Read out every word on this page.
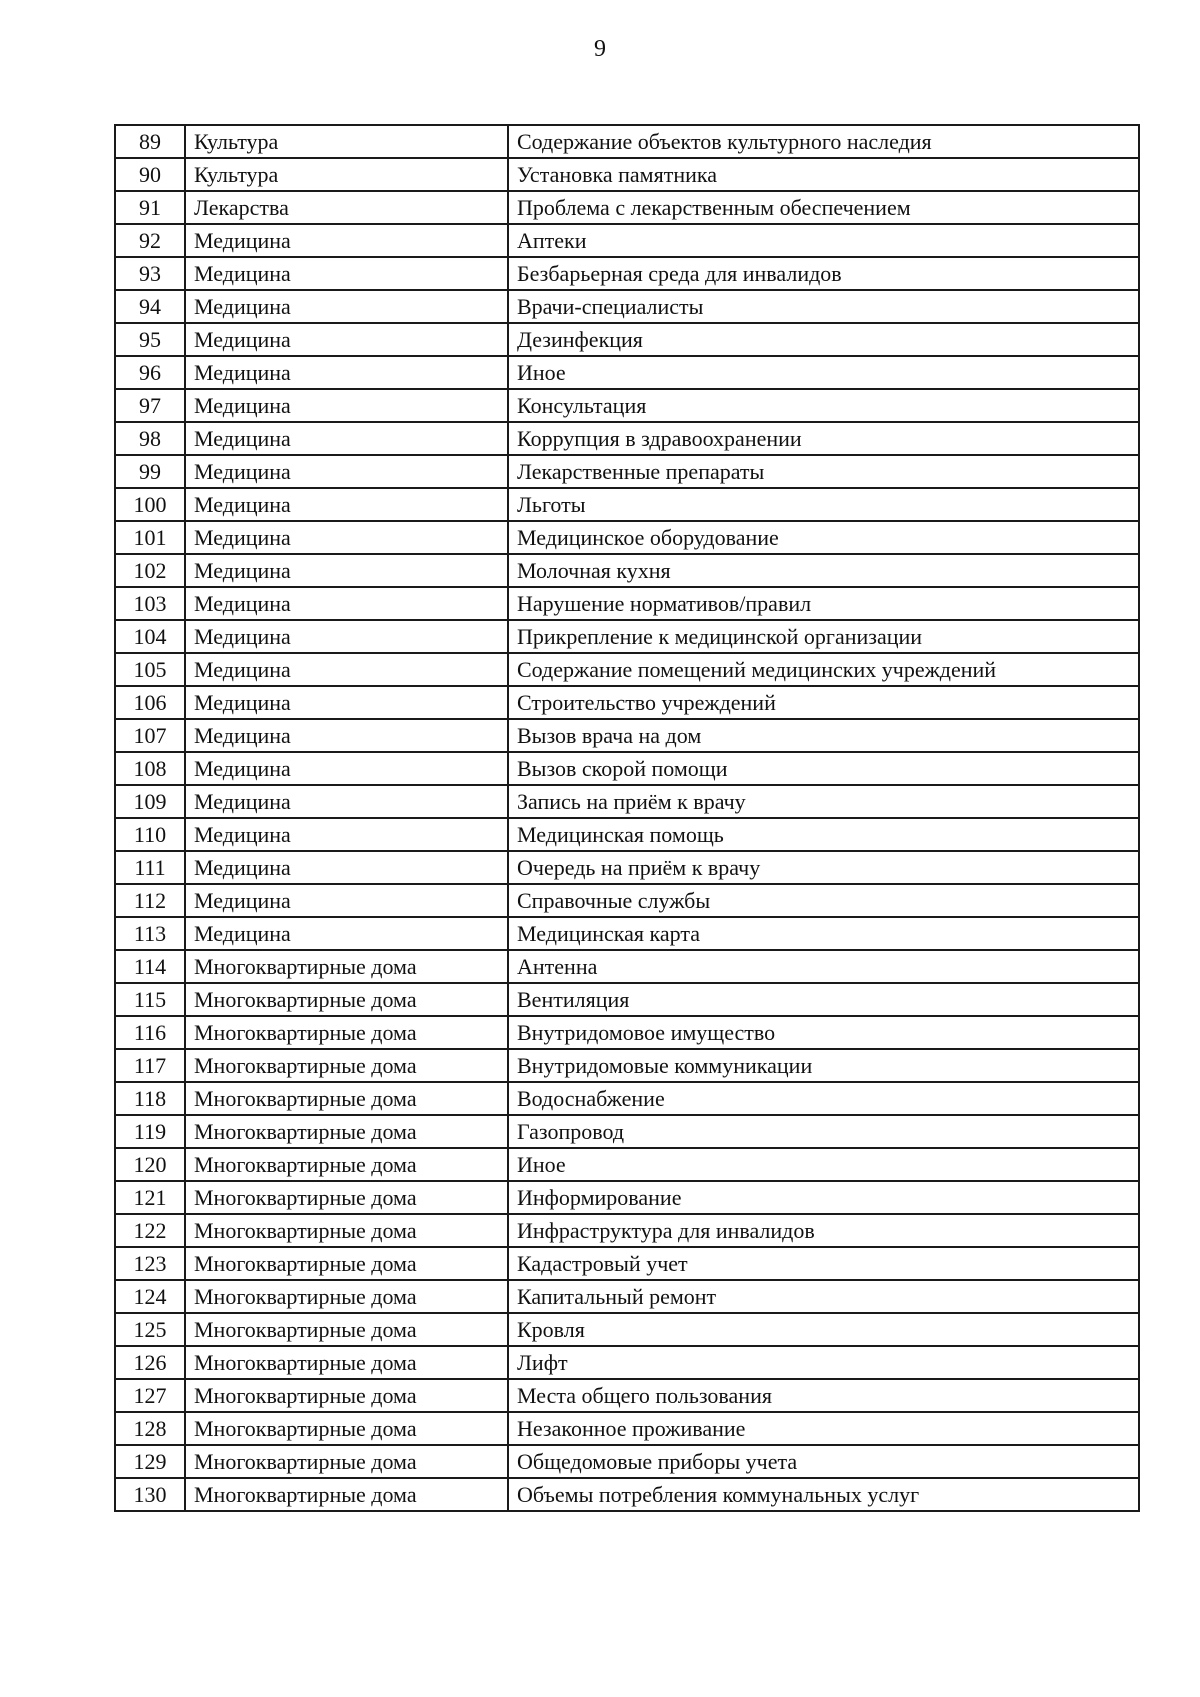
9
89	Культура	Содержание объектов культурного наследия
90	Культура	Установка памятника
91	Лекарства	Проблема с лекарственным обеспечением
92	Медицина	Аптеки
93	Медицина	Безбарьерная среда для инвалидов
94	Медицина	Врачи-специалисты
95	Медицина	Дезинфекция
96	Медицина	Иное
97	Медицина	Консультация
98	Медицина	Коррупция в здравоохранении
99	Медицина	Лекарственные препараты
100	Медицина	Льготы
101	Медицина	Медицинское оборудование
102	Медицина	Молочная кухня
103	Медицина	Нарушение нормативов/правил
104	Медицина	Прикрепление к медицинской организации
105	Медицина	Содержание помещений медицинских учреждений
106	Медицина	Строительство учреждений
107	Медицина	Вызов врача на дом
108	Медицина	Вызов скорой помощи
109	Медицина	Запись на приём к врачу
110	Медицина	Медицинская помощь
111	Медицина	Очередь на приём к врачу
112	Медицина	Справочные службы
113	Медицина	Медицинская карта
114	Многоквартирные дома	Антенна
115	Многоквартирные дома	Вентиляция
116	Многоквартирные дома	Внутридомовое имущество
117	Многоквартирные дома	Внутридомовые коммуникации
118	Многоквартирные дома	Водоснабжение
119	Многоквартирные дома	Газопровод
120	Многоквартирные дома	Иное
121	Многоквартирные дома	Информирование
122	Многоквартирные дома	Инфраструктура для инвалидов
123	Многоквартирные дома	Кадастровый учет
124	Многоквартирные дома	Капитальный ремонт
125	Многоквартирные дома	Кровля
126	Многоквартирные дома	Лифт
127	Многоквартирные дома	Места общего пользования
128	Многоквартирные дома	Незаконное проживание
129	Многоквартирные дома	Общедомовые приборы учета
130	Многоквартирные дома	Объемы потребления коммунальных услуг
